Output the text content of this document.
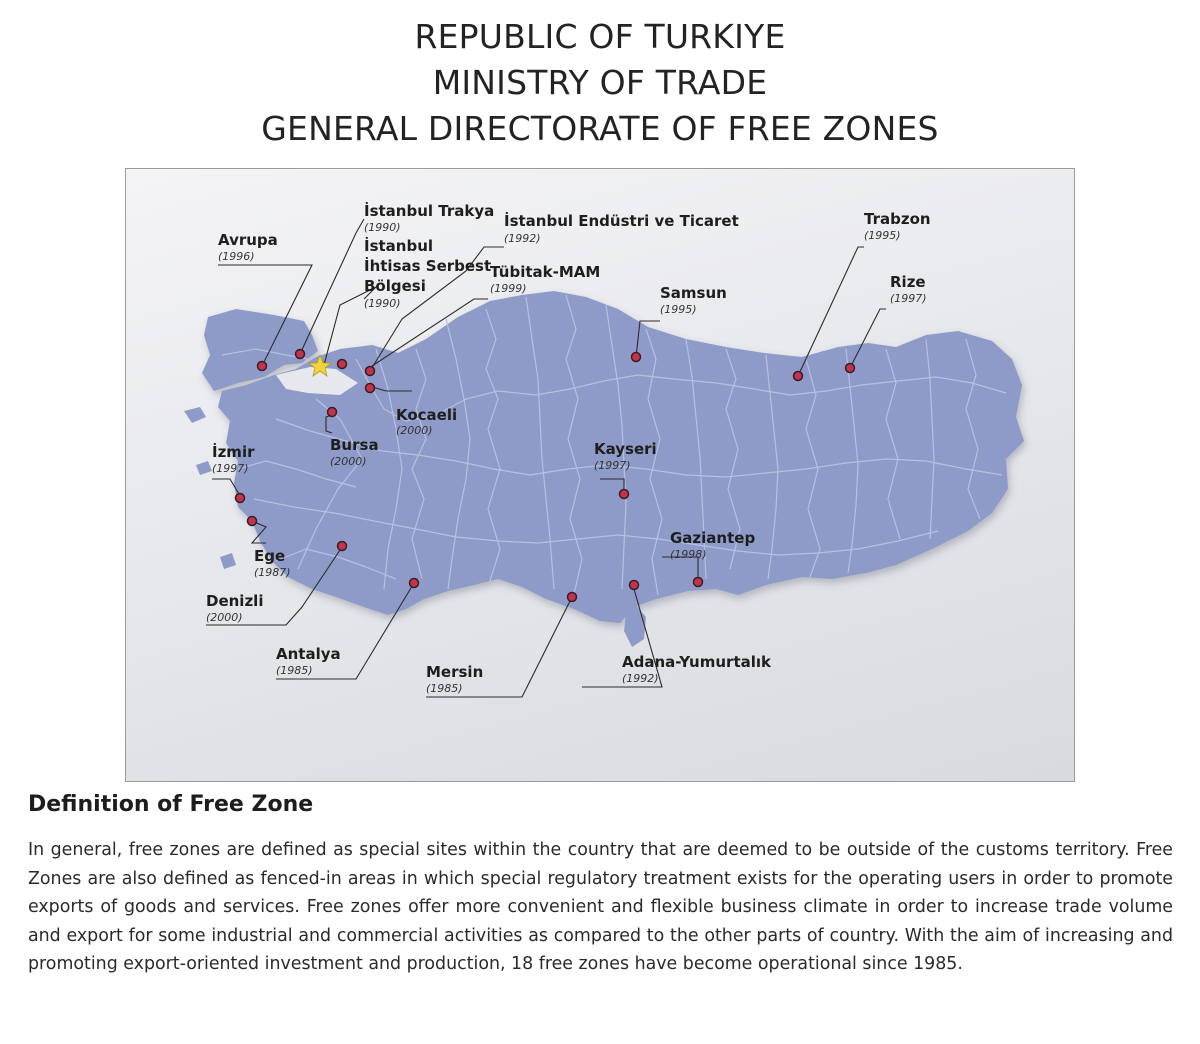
REPUBLIC OF TURKIYE
MINISTRY OF TRADE
GENERAL DIRECTORATE OF FREE ZONES
Avrupa
(1996)
İstanbul Trakya
(1990)
İstanbul
İhtisas Serbest
Bölgesi
(1990)
İstanbul Endüstri ve Ticaret
(1992)
Tübitak-MAM
(1999)	Samsun
(1995)
Trabzon
(1995)
Rize
(1997)
Kocaeli
(2000)
Bursa
(2000)
İzmir
(1997)
Kayseri
(1997)
Ege
(1987)
Gaziantep
(1998)
Denizli
(2000)
Antalya
(1985)	Mersin
(1985)
Adana-Yumurtalık
(1992)
Definition of Free Zone
In general, free zones are defined as special sites within the country that are deemed to be outside of the customs territory. Free Zones are also defined as fenced-in areas in which special regulatory treatment exists for the operating users in order to promote exports of goods and services. Free zones offer more convenient and flexible business climate in order to increase trade volume and export for some industrial and commercial activities as compared to the other parts of country. With the aim of increasing and promoting export-oriented investment and production, 18 free zones have become operational since 1985.
